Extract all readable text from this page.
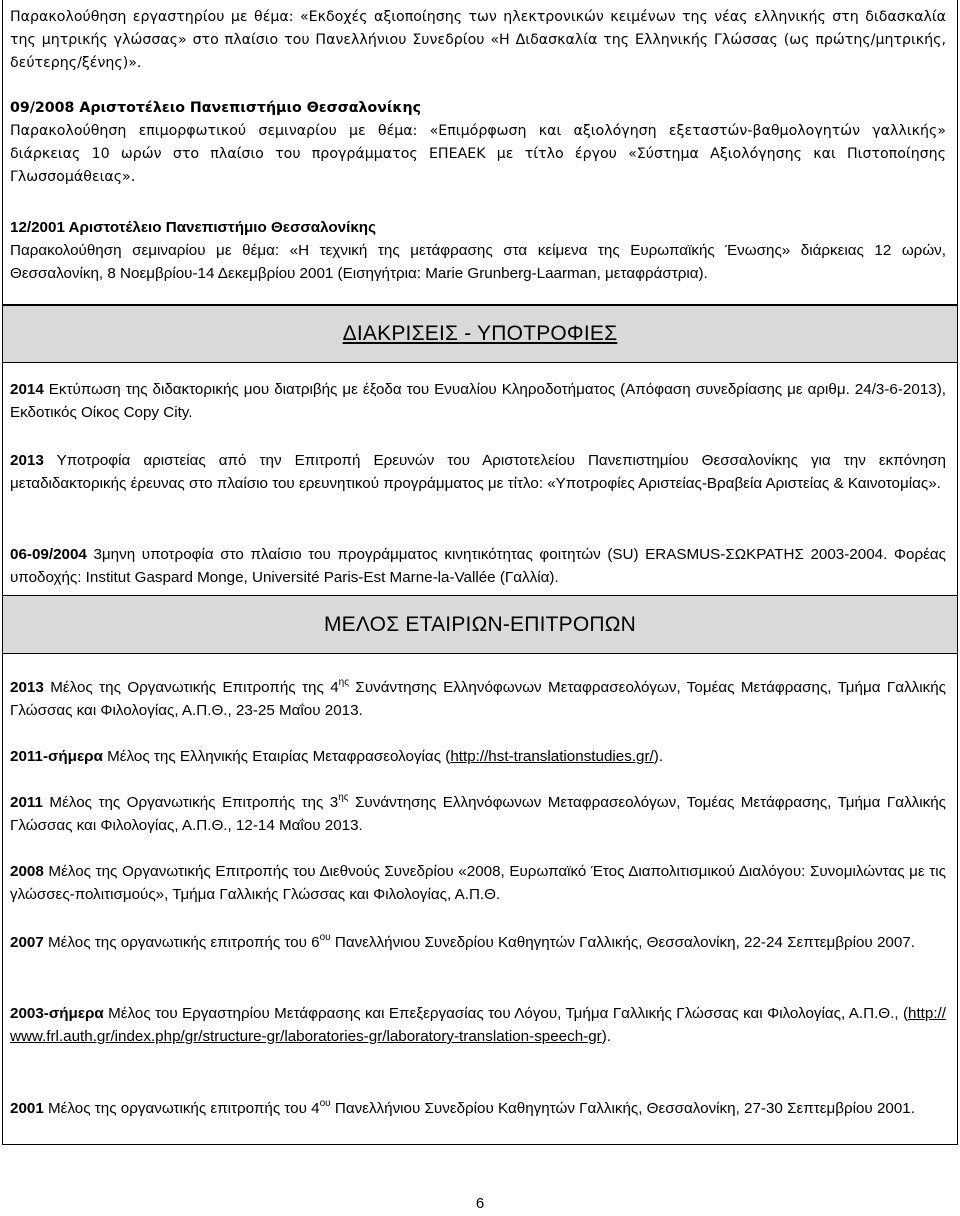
Παρακολούθηση εργαστηρίου με θέμα: «Εκδοχές αξιοποίησης των ηλεκτρονικών κειμένων της νέας ελληνικής στη διδασκαλία της μητρικής γλώσσας» στο πλαίσιο του Πανελλήνιου Συνεδρίου «Η Διδασκαλία της Ελληνικής Γλώσσας (ως πρώτης/μητρικής, δεύτερης/ξένης)».
09/2008 Αριστοτέλειο Πανεπιστήμιο Θεσσαλονίκης
Παρακολούθηση επιμορφωτικού σεμιναρίου με θέμα: «Επιμόρφωση και αξιολόγηση εξεταστών-βαθμολογητών γαλλικής» διάρκειας 10 ωρών στο πλαίσιο του προγράμματος ΕΠΕΑΕΚ με τίτλο έργου «Σύστημα Αξιολόγησης και Πιστοποίησης Γλωσσομάθειας».
12/2001 Αριστοτέλειο Πανεπιστήμιο Θεσσαλονίκης
Παρακολούθηση σεμιναρίου με θέμα: «Η τεχνική της μετάφρασης στα κείμενα της Ευρωπαϊκής Ένωσης» διάρκειας 12 ωρών, Θεσσαλονίκη, 8 Νοεμβρίου-14 Δεκεμβρίου 2001 (Εισηγήτρια: Marie Grunberg-Laarman, μεταφράστρια).
ΔΙΑΚΡΙΣΕΙΣ - ΥΠΟΤΡΟΦΙΕΣ
2014 Εκτύπωση της διδακτορικής μου διατριβής με έξοδα του Ενυαλίου Κληροδοτήματος (Απόφαση συνεδρίασης με αριθμ. 24/3-6-2013), Εκδοτικός Οίκος Copy City.
2013 Υποτροφία αριστείας από την Επιτροπή Ερευνών του Αριστοτελείου Πανεπιστημίου Θεσσαλονίκης για την εκπόνηση μεταδιδακτορικής έρευνας στο πλαίσιο του ερευνητικού προγράμματος με τίτλο: «Υποτροφίες Αριστείας-Βραβεία Αριστείας & Καινοτομίας».
06-09/2004 3μηνη υποτροφία στο πλαίσιο του προγράμματος κινητικότητας φοιτητών (SU) ERASMUS-ΣΩΚΡΑΤΗΣ 2003-2004. Φορέας υποδοχής: Institut Gaspard Monge, Université Paris-Est Marne-la-Vallée (Γαλλία).
ΜΕΛΟΣ ΕΤΑΙΡΙΩΝ-ΕΠΙΤΡΟΠΩΝ
2013 Μέλος της Οργανωτικής Επιτροπής της $4^{\eta\varsigma}$ Συνάντησης Ελληνόφωνων Μεταφρασεολόγων, Τομέας Μετάφρασης, Τμήμα Γαλλικής Γλώσσας και Φιλολογίας, Α.Π.Θ., 23-25 Μαΐου 2013.
2011-σήμερα Μέλος της Ελληνικής Εταιρίας Μεταφρασεολογίας (http://hst-translationstudies.gr/).
2011 Μέλος της Οργανωτικής Επιτροπής της $3^{\eta\varsigma}$ Συνάντησης Ελληνόφωνων Μεταφρασεολόγων, Τομέας Μετάφρασης, Τμήμα Γαλλικής Γλώσσας και Φιλολογίας, Α.Π.Θ., 12-14 Μαΐου 2013.
2008 Μέλος της Οργανωτικής Επιτροπής του Διεθνούς Συνεδρίου «2008, Ευρωπαϊκό Έτος Διαπολιτισμικού Διαλόγου: Συνομιλώντας με τις γλώσσες-πολιτισμούς», Τμήμα Γαλλικής Γλώσσας και Φιλολογίας, Α.Π.Θ.
2007 Μέλος της οργανωτικής επιτροπής του $6^{o\upsilon}$ Πανελλήνιου Συνεδρίου Καθηγητών Γαλλικής, Θεσσαλονίκη, 22-24 Σεπτεμβρίου 2007.
2003-σήμερα Μέλος του Εργαστηρίου Μετάφρασης και Επεξεργασίας του Λόγου, Τμήμα Γαλλικής Γλώσσας και Φιλολογίας, Α.Π.Θ., (http://www.frl.auth.gr/index.php/gr/structure-gr/laboratories-gr/laboratory-translation-speech-gr).
2001 Μέλος της οργανωτικής επιτροπής του $4^{o\upsilon}$ Πανελλήνιου Συνεδρίου Καθηγητών Γαλλικής, Θεσσαλονίκη, 27-30 Σεπτεμβρίου 2001.
6
